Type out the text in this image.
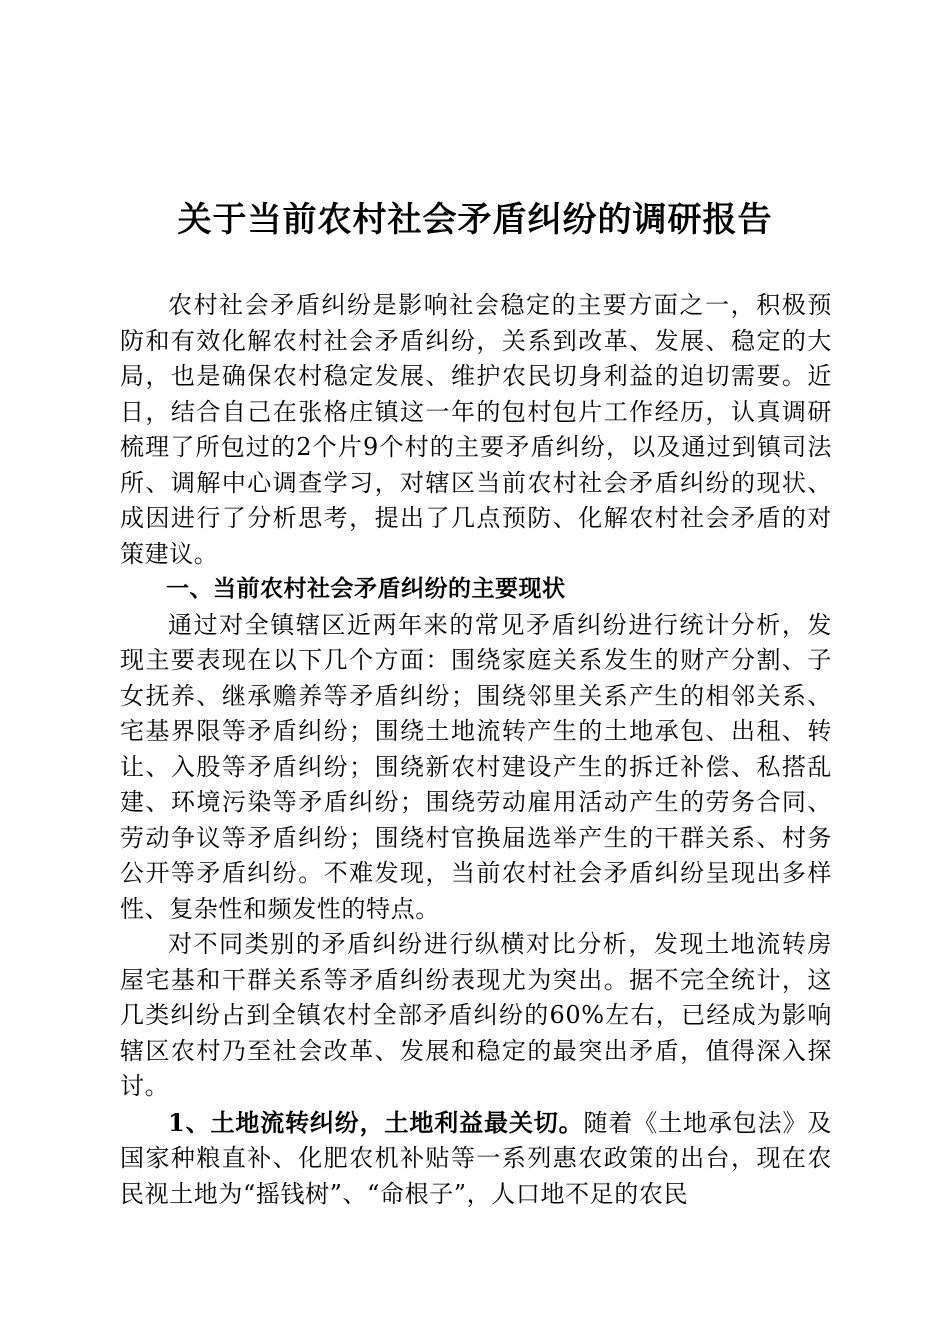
关于当前农村社会矛盾纠纷的调研报告

农村社会矛盾纠纷是影响社会稳定的主要方面之一，积极预防和有效化解农村社会矛盾纠纷，关系到改革、发展、稳定的大局，也是确保农村稳定发展、维护农民切身利益的迫切需要。近日，结合自己在张格庄镇这一年的包村包片工作经历，认真调研梳理了所包过的2个片9个村的主要矛盾纠纷，以及通过到镇司法所、调解中心调查学习，对辖区当前农村社会矛盾纠纷的现状、成因进行了分析思考，提出了几点预防、化解农村社会矛盾的对策建议。

一、当前农村社会矛盾纠纷的主要现状

通过对全镇辖区近两年来的常见矛盾纠纷进行统计分析，发现主要表现在以下几个方面：围绕家庭关系发生的财产分割、子女抚养、继承赡养等矛盾纠纷；围绕邻里关系产生的相邻关系、宅基界限等矛盾纠纷；围绕土地流转产生的土地承包、出租、转让、入股等矛盾纠纷；围绕新农村建设产生的拆迁补偿、私搭乱建、环境污染等矛盾纠纷；围绕劳动雇用活动产生的劳务合同、劳动争议等矛盾纠纷；围绕村官换届选举产生的干群关系、村务公开等矛盾纠纷。不难发现，当前农村社会矛盾纠纷呈现出多样性、复杂性和频发性的特点。

对不同类别的矛盾纠纷进行纵横对比分析，发现土地流转房屋宅基和干群关系等矛盾纠纷表现尤为突出。据不完全统计，这几类纠纷占到全镇农村全部矛盾纠纷的60%左右，已经成为影响辖区农村乃至社会改革、发展和稳定的最突出矛盾，值得深入探讨。

1、土地流转纠纷，土地利益最关切。随着《土地承包法》及国家种粮直补、化肥农机补贴等一系列惠农政策的出台，现在农民视土地为“摇钱树”、“命根子”，人口地不足的农民
